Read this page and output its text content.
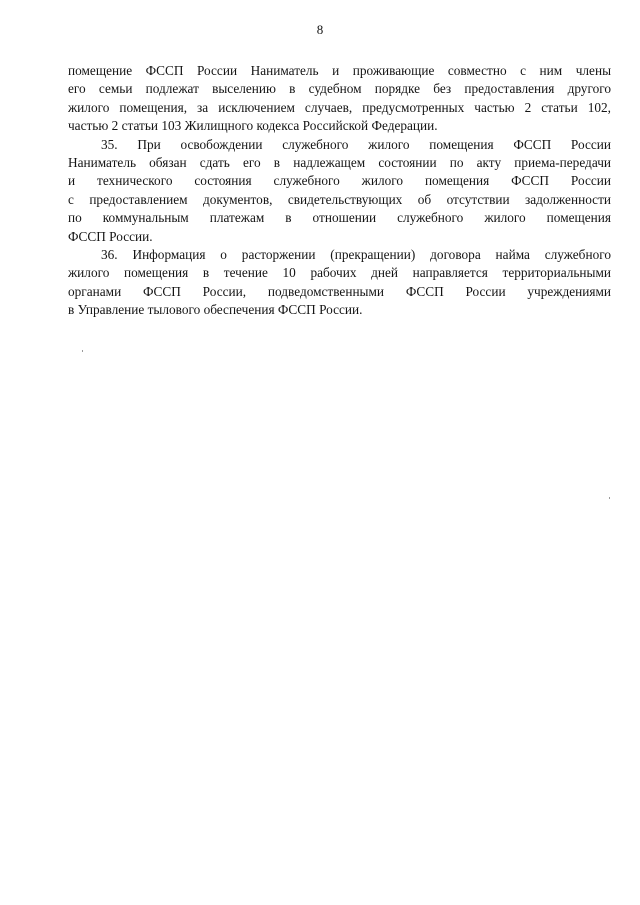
8
помещение ФССП России Наниматель и проживающие совместно с ним члены
его семьи подлежат выселению в судебном порядке без предоставления другого
жилого помещения, за исключением случаев, предусмотренных частью 2 статьи 102,
частью 2 статьи 103 Жилищного кодекса Российской Федерации.
35. При освобождении служебного жилого помещения ФССП России
Наниматель обязан сдать его в надлежащем состоянии по акту приема-передачи
и технического состояния служебного жилого помещения ФССП России
с предоставлением документов, свидетельствующих об отсутствии задолженности
по коммунальным платежам в отношении служебного жилого помещения
ФССП России.
36. Информация о расторжении (прекращении) договора найма служебного
жилого помещения в течение 10 рабочих дней направляется территориальными
органами ФССП России, подведомственными ФССП России учреждениями
в Управление тылового обеспечения ФССП России.
